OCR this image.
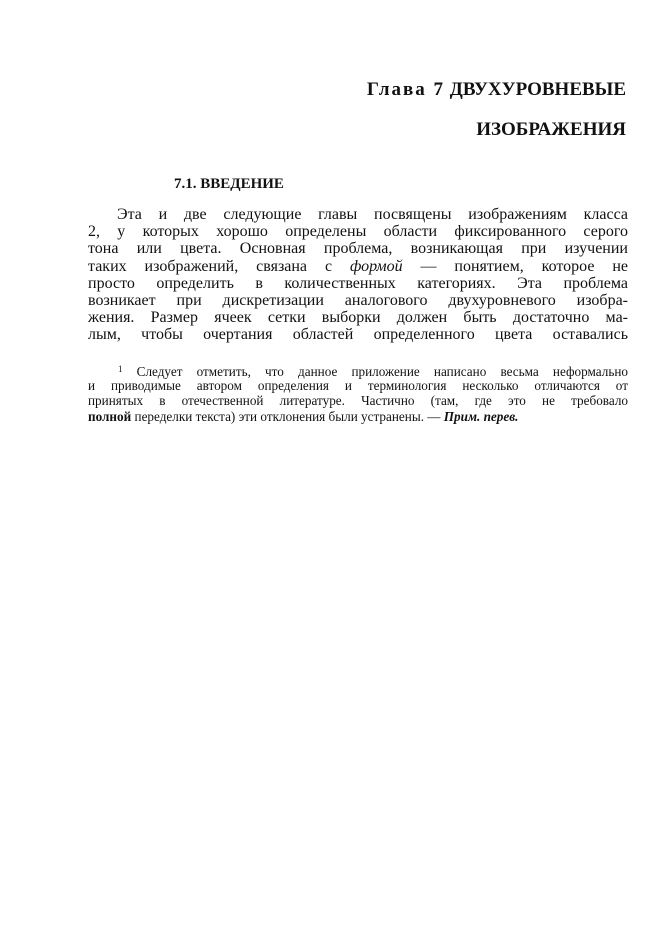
Глава 7 ДВУХУРОВНЕВЫЕ
ИЗОБРАЖЕНИЯ
7.1. ВВЕДЕНИЕ
Эта и две следующие главы посвящены изображениям класса
2, у которых хорошо определены области фиксированного серого
тона или цвета. Основная проблема, возникающая при изучении
таких изображений, связана с формой — понятием, которое не
просто определить в количественных категориях. Эта проблема
возникает при дискретизации аналогового двухуровневого изобра-
жения. Размер ячеек сетки выборки должен быть достаточно ма-
лым, чтобы очертания областей определенного цвета оставались
$^1$ Следует отметить, что данное приложение написано весьма неформально
и приводимые автором определения и терминология несколько отличаются от
принятых в отечественной литературе. Частично (там, где это не требовало
полной переделки текста) эти отклонения были устранены. — Прим. перев.
